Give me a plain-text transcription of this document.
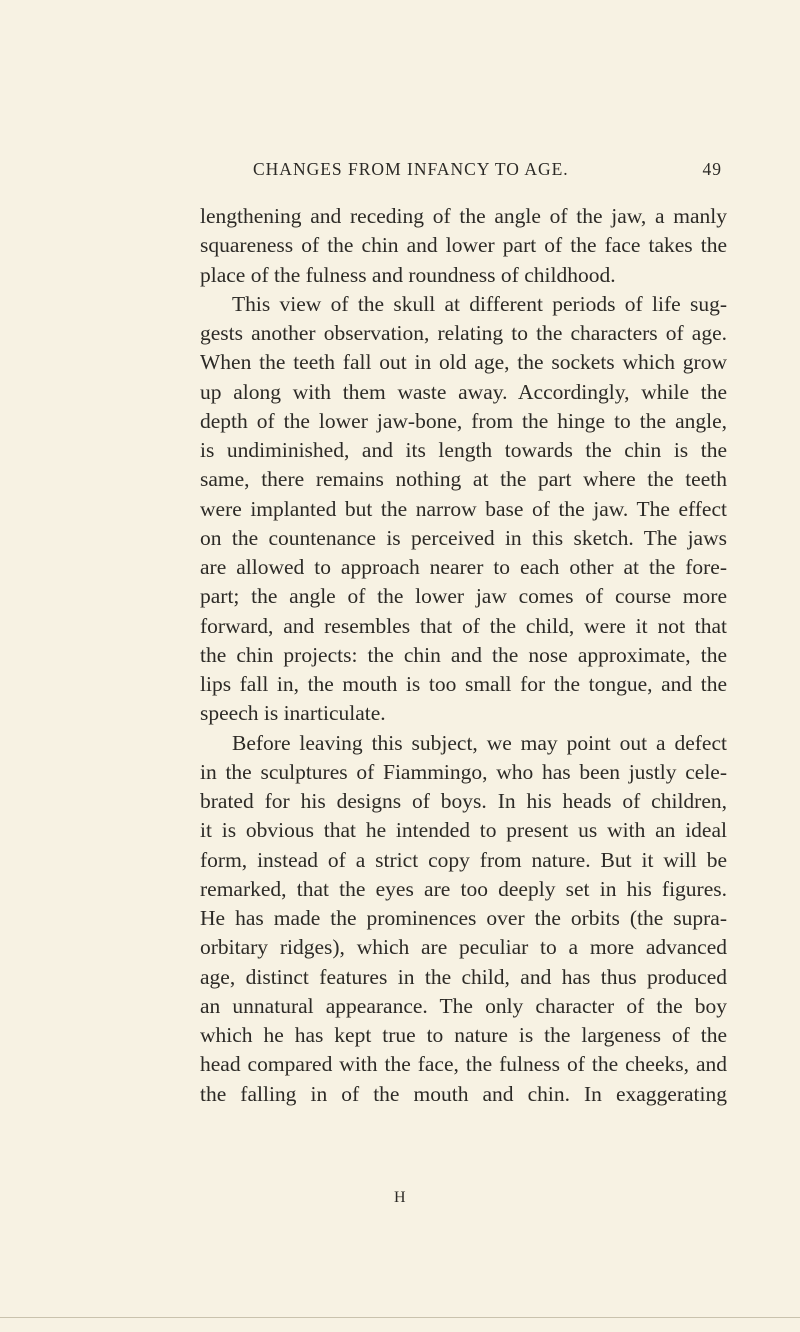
CHANGES FROM INFANCY TO AGE.	49
lengthening and receding of the angle of the jaw, a manly
squareness of the chin and lower part of the face takes the
place of the fulness and roundness of childhood.
This view of the skull at different periods of life sug-
gests another observation, relating to the characters of age.
When the teeth fall out in old age, the sockets which grow
up along with them waste away. Accordingly, while the
depth of the lower jaw-bone, from the hinge to the angle,
is undiminished, and its length towards the chin is the
same, there remains nothing at the part where the teeth
were implanted but the narrow base of the jaw. The effect
on the countenance is perceived in this sketch. The jaws
are allowed to approach nearer to each other at the fore-
part; the angle of the lower jaw comes of course more
forward, and resembles that of the child, were it not that
the chin projects: the chin and the nose approximate, the
lips fall in, the mouth is too small for the tongue, and the
speech is inarticulate.
Before leaving this subject, we may point out a defect
in the sculptures of Fiammingo, who has been justly cele-
brated for his designs of boys. In his heads of children,
it is obvious that he intended to present us with an ideal
form, instead of a strict copy from nature. But it will be
remarked, that the eyes are too deeply set in his figures.
He has made the prominences over the orbits (the supra-
orbitary ridges), which are peculiar to a more advanced
age, distinct features in the child, and has thus produced
an unnatural appearance. The only character of the boy
which he has kept true to nature is the largeness of the
head compared with the face, the fulness of the cheeks, and
the falling in of the mouth and chin. In exaggerating
H
